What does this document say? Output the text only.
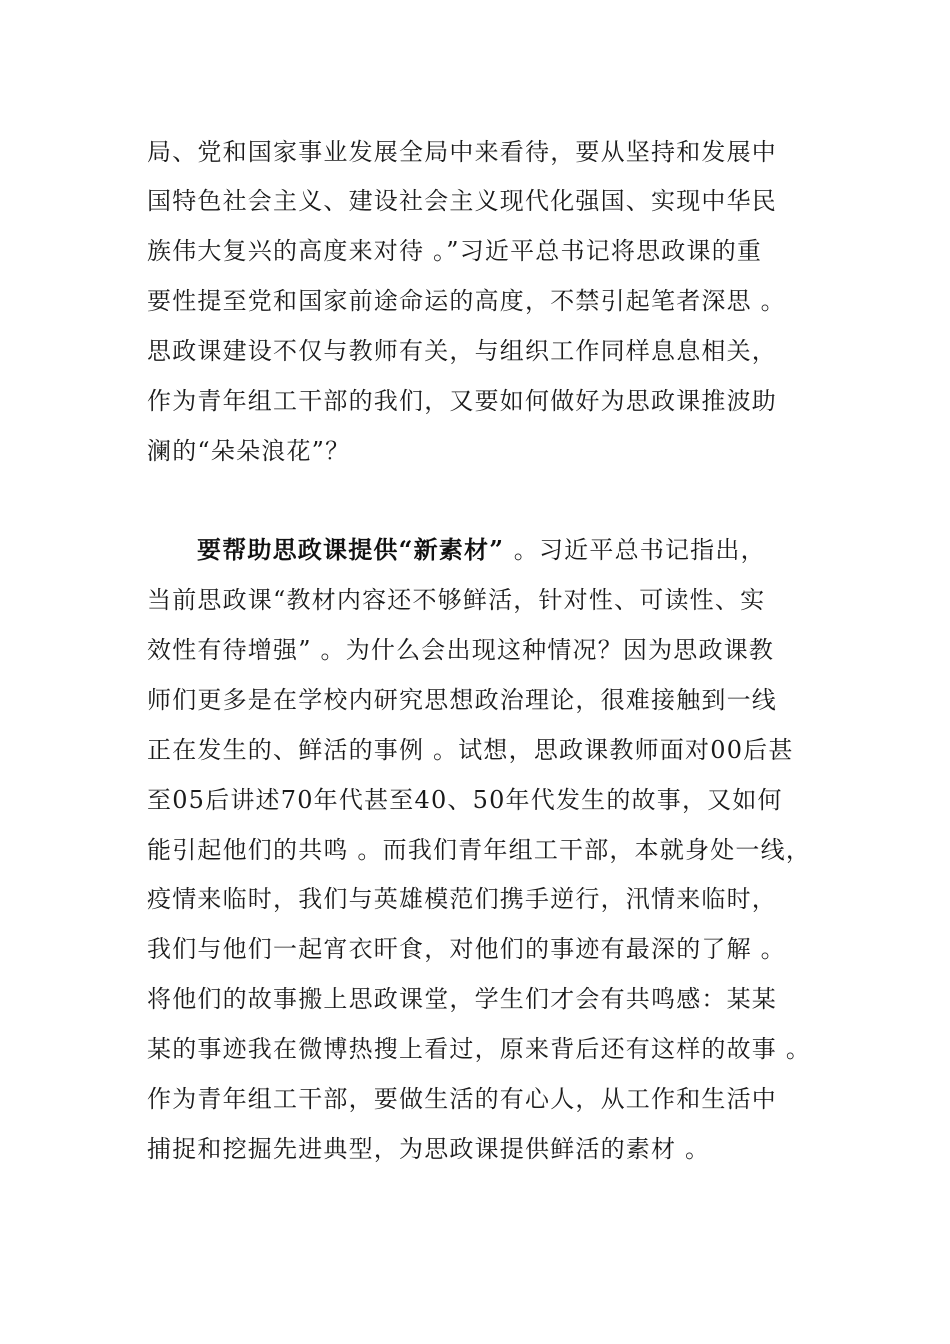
局、党和国家事业发展全局中来看待，要从坚持和发展中
国特色社会主义、建设社会主义现代化强国、实现中华民
族伟大复兴的高度来对待 。”习近平总书记将思政课的重
要性提至党和国家前途命运的高度，不禁引起笔者深思 。
思政课建设不仅与教师有关，与组织工作同样息息相关，
作为青年组工干部的我们，又要如何做好为思政课推波助
澜的“朵朵浪花”？
要帮助思政课提供“新素材” 。习近平总书记指出，
当前思政课“教材内容还不够鲜活，针对性、可读性、实
效性有待增强” 。为什么会出现这种情况？因为思政课教
师们更多是在学校内研究思想政治理论，很难接触到一线
正在发生的、鲜活的事例 。试想，思政课教师面对00后甚
至05后讲述70年代甚至40、50年代发生的故事，又如何
能引起他们的共鸣 。而我们青年组工干部，本就身处一线，
疫情来临时，我们与英雄模范们携手逆行，汛情来临时，
我们与他们一起宵衣旰食，对他们的事迹有最深的了解 。
将他们的故事搬上思政课堂，学生们才会有共鸣感：某某
某的事迹我在微博热搜上看过，原来背后还有这样的故事 。
作为青年组工干部，要做生活的有心人，从工作和生活中
捕捉和挖掘先进典型，为思政课提供鲜活的素材 。
